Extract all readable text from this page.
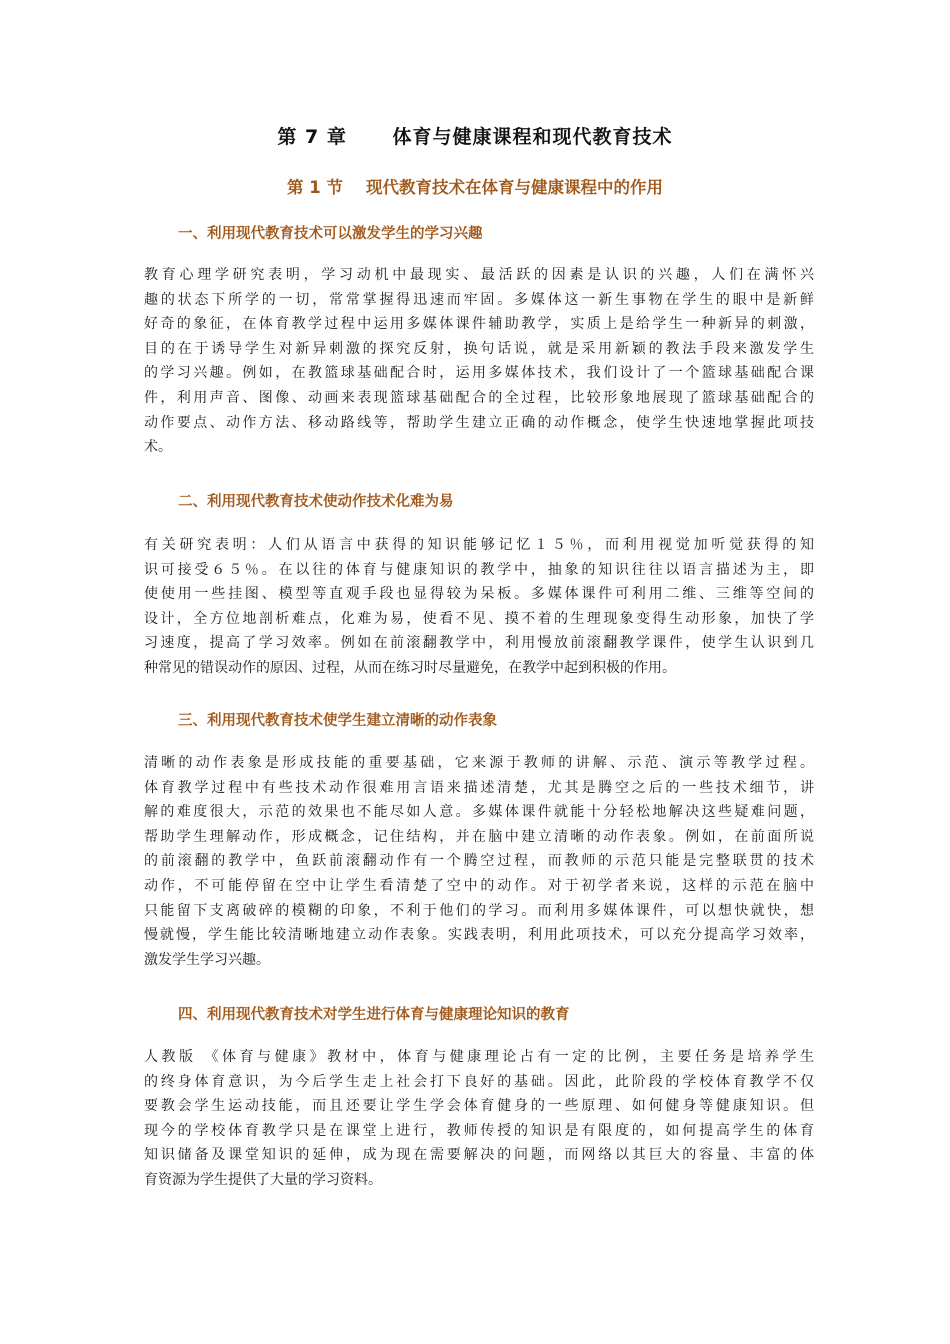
第 7 章      体育与健康课程和现代教育技术
第 1 节    现代教育技术在体育与健康课程中的作用
一、利用现代教育技术可以激发学生的学习兴趣
教育心理学研究表明，学习动机中最现实、最活跃的因素是认识的兴趣，人们在满怀兴
趣的状态下所学的一切，常常掌握得迅速而牢固。多媒体这一新生事物在学生的眼中是新鲜
好奇的象征，在体育教学过程中运用多媒体课件辅助教学，实质上是给学生一种新异的刺激，
目的在于诱导学生对新异刺激的探究反射，换句话说，就是采用新颖的教法手段来激发学生
的学习兴趣。例如，在教篮球基础配合时，运用多媒体技术，我们设计了一个篮球基础配合课
件，利用声音、图像、动画来表现篮球基础配合的全过程，比较形象地展现了篮球基础配合的
动作要点、动作方法、移动路线等，帮助学生建立正确的动作概念，使学生快速地掌握此项技
术。
二、利用现代教育技术使动作技术化难为易
有关研究表明：人们从语言中获得的知识能够记忆１５％，而利用视觉加听觉获得的知
识可接受６５％。在以往的体育与健康知识的教学中，抽象的知识往往以语言描述为主，即
使使用一些挂图、模型等直观手段也显得较为呆板。多媒体课件可利用二维、三维等空间的
设计，全方位地剖析难点，化难为易，使看不见、摸不着的生理现象变得生动形象，加快了学
习速度，提高了学习效率。例如在前滚翻教学中，利用慢放前滚翻教学课件，使学生认识到几
种常见的错误动作的原因、过程，从而在练习时尽量避免，在教学中起到积极的作用。
三、利用现代教育技术使学生建立清晰的动作表象
清晰的动作表象是形成技能的重要基础，它来源于教师的讲解、示范、演示等教学过程。
体育教学过程中有些技术动作很难用言语来描述清楚，尤其是腾空之后的一些技术细节，讲
解的难度很大，示范的效果也不能尽如人意。多媒体课件就能十分轻松地解决这些疑难问题，
帮助学生理解动作，形成概念，记住结构，并在脑中建立清晰的动作表象。例如，在前面所说
的前滚翻的教学中，鱼跃前滚翻动作有一个腾空过程，而教师的示范只能是完整联贯的技术
动作，不可能停留在空中让学生看清楚了空中的动作。对于初学者来说，这样的示范在脑中
只能留下支离破碎的模糊的印象，不利于他们的学习。而利用多媒体课件，可以想快就快，想
慢就慢，学生能比较清晰地建立动作表象。实践表明，利用此项技术，可以充分提高学习效率，
激发学生学习兴趣。
四、利用现代教育技术对学生进行体育与健康理论知识的教育
人教版 《体育与健康》教材中，体育与健康理论占有一定的比例，主要任务是培养学生
的终身体育意识，为今后学生走上社会打下良好的基础。因此，此阶段的学校体育教学不仅
要教会学生运动技能，而且还要让学生学会体育健身的一些原理、如何健身等健康知识。但
现今的学校体育教学只是在课堂上进行，教师传授的知识是有限度的，如何提高学生的体育
知识储备及课堂知识的延伸，成为现在需要解决的问题，而网络以其巨大的容量、丰富的体
育资源为学生提供了大量的学习资料。
